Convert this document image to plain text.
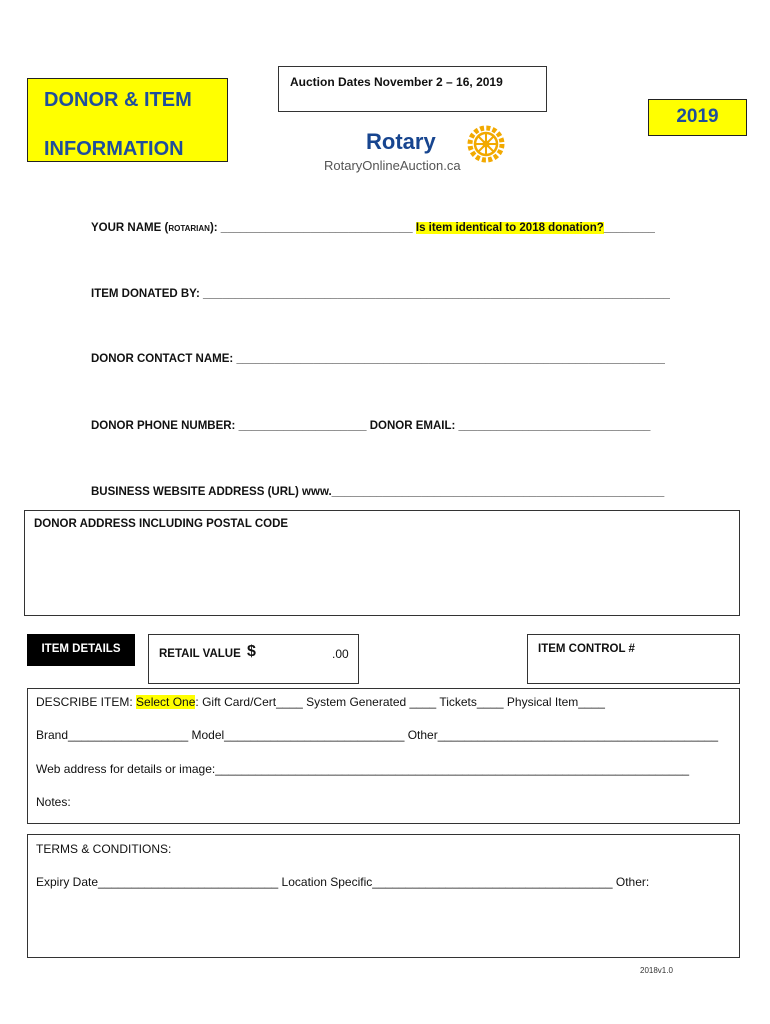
DONOR & ITEM
INFORMATION
Auction Dates November 2 – 16, 2019
2019
Rotary
RotaryOnlineAuction.ca
YOUR NAME (ROTARIAN): ______________________________ Is item identical to 2018 donation?________
ITEM DONATED BY: _________________________________________________________________________
DONOR CONTACT NAME: ___________________________________________________________________
DONOR PHONE NUMBER: ____________________ DONOR EMAIL: ______________________________
BUSINESS WEBSITE ADDRESS (URL) www.____________________________________________________
DONOR ADDRESS INCLUDING POSTAL CODE
ITEM DETAILS	RETAIL VALUE $	.00	ITEM CONTROL #
DESCRIBE ITEM: Select One: Gift Card/Cert____ System Generated ____ Tickets____ Physical Item____
Brand__________________ Model___________________________ Other__________________________________________
Web address for details or image:_______________________________________________________________________
Notes:
TERMS & CONDITIONS:
Expiry Date___________________________ Location Specific____________________________________ Other:
2018v1.0
